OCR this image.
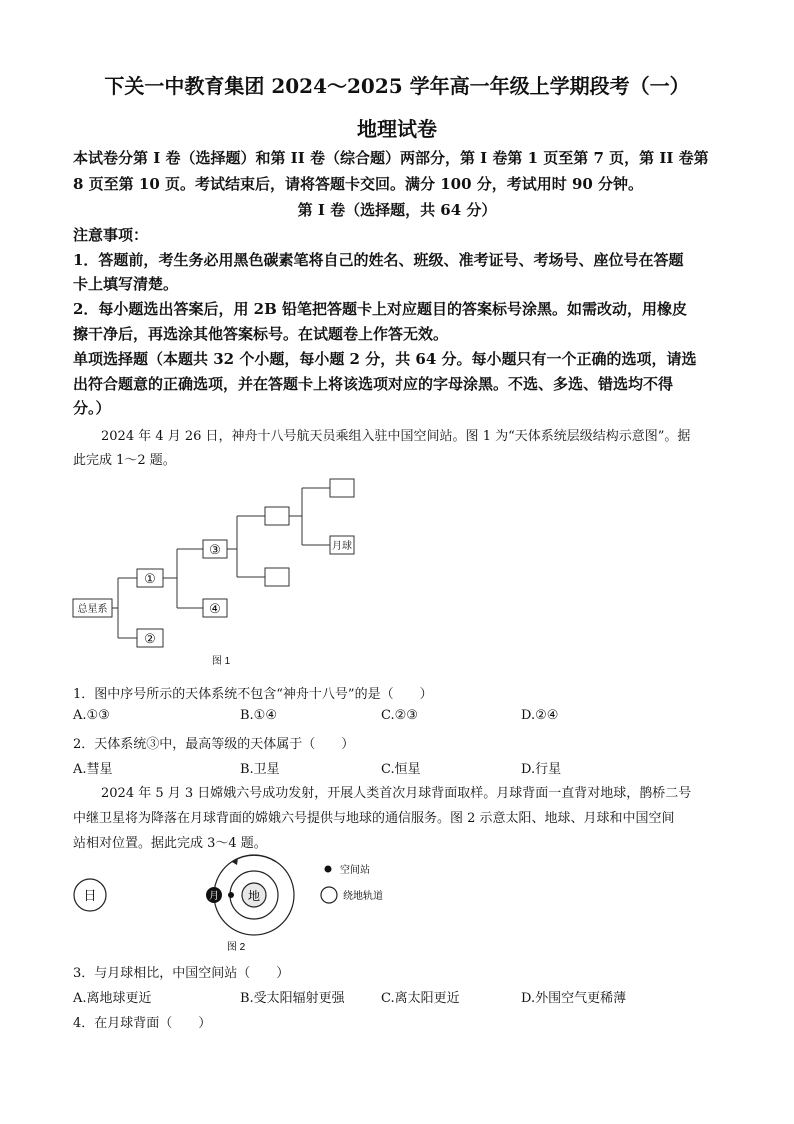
下关一中教育集团 2024～2025 学年高一年级上学期段考（一）
地理试卷
本试卷分第 I 卷（选择题）和第 II 卷（综合题）两部分，第 I 卷第 1 页至第 7 页，第 II 卷第
8 页至第 10 页。考试结束后，请将答题卡交回。满分 100 分，考试用时 90 分钟。
第 I 卷（选择题，共 64 分）
注意事项：
1．答题前，考生务必用黑色碳素笔将自己的姓名、班级、准考证号、考场号、座位号在答题
卡上填写清楚。
2．每小题选出答案后，用 2B 铅笔把答题卡上对应题目的答案标号涂黑。如需改动，用橡皮
擦干净后，再选涂其他答案标号。在试题卷上作答无效。
单项选择题（本题共 32 个小题，每小题 2 分，共 64 分。每小题只有一个正确的选项，请选
出符合题意的正确选项，并在答题卡上将该选项对应的字母涂黑。不选、多选、错选均不得
分。）
2024 年 4 月 26 日，神舟十八号航天员乘组入驻中国空间站。图 1 为“天体系统层级结构示意图”。据
此完成 1～2 题。
总星系
①
②
③
④
月球
图 1
1．图中序号所示的天体系统不包含“神舟十八号”的是（　　）
A.①③	B.①④	C.②③	D.②④
2．天体系统③中，最高等级的天体属于（　　）
A.彗星	B.卫星	C.恒星	D.行星
2024 年 5 月 3 日嫦娥六号成功发射，开展人类首次月球背面取样。月球背面一直背对地球，鹊桥二号
中继卫星将为降落在月球背面的嫦娥六号提供与地球的通信服务。图 2 示意太阳、地球、月球和中国空间
站相对位置。据此完成 3～4 题。
日	地
月
空间站
绕地轨道
图 2
3．与月球相比，中国空间站（　　）
A.离地球更近	B.受太阳辐射更强	C.离太阳更近	D.外围空气更稀薄
4．在月球背面（　　）
